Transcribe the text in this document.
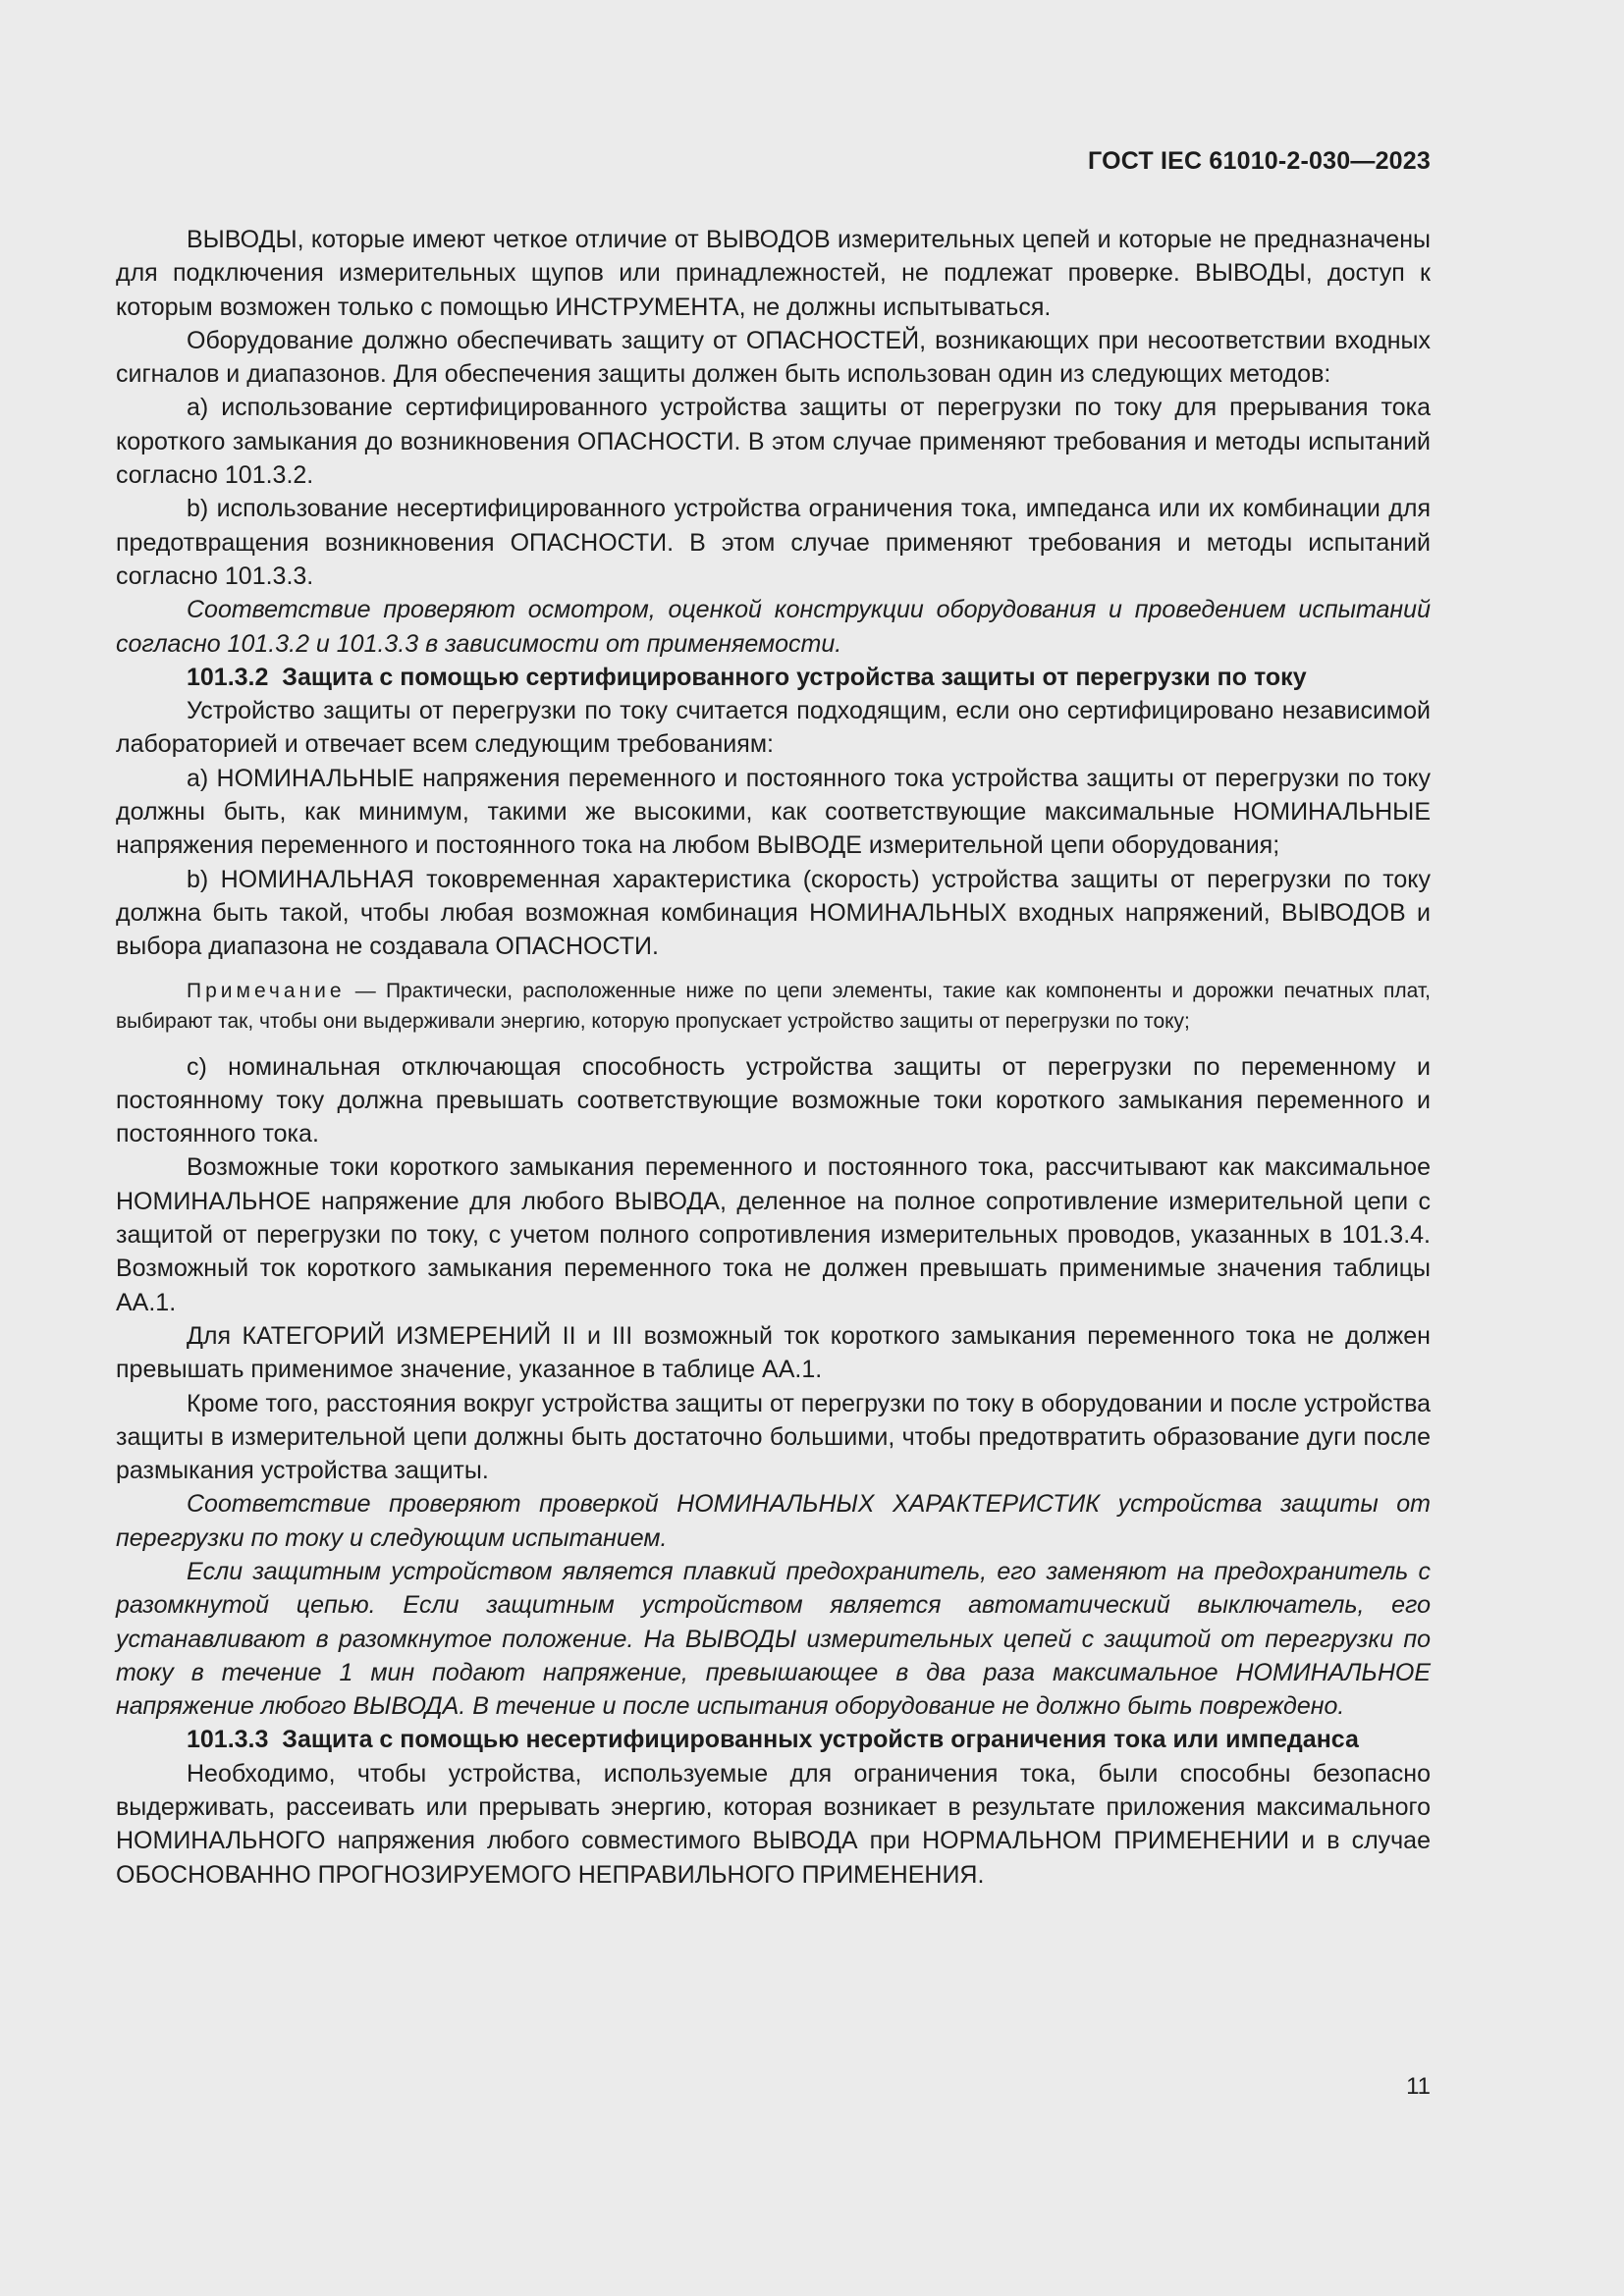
ГОСТ IEC 61010-2-030—2023

ВЫВОДЫ, которые имеют четкое отличие от ВЫВОДОВ измерительных цепей и которые не предназначены для подключения измерительных щупов или принадлежностей, не подлежат проверке. ВЫВОДЫ, доступ к которым возможен только с помощью ИНСТРУМЕНТА, не должны испытываться.

Оборудование должно обеспечивать защиту от ОПАСНОСТЕЙ, возникающих при несоответствии входных сигналов и диапазонов. Для обеспечения защиты должен быть использован один из следующих методов:

a) использование сертифицированного устройства защиты от перегрузки по току для прерывания тока короткого замыкания до возникновения ОПАСНОСТИ. В этом случае применяют требования и методы испытаний согласно 101.3.2.

b) использование несертифицированного устройства ограничения тока, импеданса или их комбинации для предотвращения возникновения ОПАСНОСТИ. В этом случае применяют требования и методы испытаний согласно 101.3.3.

Соответствие проверяют осмотром, оценкой конструкции оборудования и проведением испытаний согласно 101.3.2 и 101.3.3 в зависимости от применяемости.

101.3.2  Защита с помощью сертифицированного устройства защиты от перегрузки по току

Устройство защиты от перегрузки по току считается подходящим, если оно сертифицировано независимой лабораторией и отвечает всем следующим требованиям:

a) НОМИНАЛЬНЫЕ напряжения переменного и постоянного тока устройства защиты от перегрузки по току должны быть, как минимум, такими же высокими, как соответствующие максимальные НОМИНАЛЬНЫЕ напряжения переменного и постоянного тока на любом ВЫВОДЕ измерительной цепи оборудования;

b) НОМИНАЛЬНАЯ токовременная характеристика (скорость) устройства защиты от перегрузки по току должна быть такой, чтобы любая возможная комбинация НОМИНАЛЬНЫХ входных напряжений, ВЫВОДОВ и выбора диапазона не создавала ОПАСНОСТИ.

Примечание — Практически, расположенные ниже по цепи элементы, такие как компоненты и дорожки печатных плат, выбирают так, чтобы они выдерживали энергию, которую пропускает устройство защиты от перегрузки по току;

c) номинальная отключающая способность устройства защиты от перегрузки по переменному и постоянному току должна превышать соответствующие возможные токи короткого замыкания переменного и постоянного тока.

Возможные токи короткого замыкания переменного и постоянного тока, рассчитывают как максимальное НОМИНАЛЬНОЕ напряжение для любого ВЫВОДА, деленное на полное сопротивление измерительной цепи с защитой от перегрузки по току, с учетом полного сопротивления измерительных проводов, указанных в 101.3.4. Возможный ток короткого замыкания переменного тока не должен превышать применимые значения таблицы АА.1.

Для КАТЕГОРИЙ ИЗМЕРЕНИЙ II и III возможный ток короткого замыкания переменного тока не должен превышать применимое значение, указанное в таблице АА.1.

Кроме того, расстояния вокруг устройства защиты от перегрузки по току в оборудовании и после устройства защиты в измерительной цепи должны быть достаточно большими, чтобы предотвратить образование дуги после размыкания устройства защиты.

Соответствие проверяют проверкой НОМИНАЛЬНЫХ ХАРАКТЕРИСТИК устройства защиты от перегрузки по току и следующим испытанием.

Если защитным устройством является плавкий предохранитель, его заменяют на предохранитель с разомкнутой цепью. Если защитным устройством является автоматический выключатель, его устанавливают в разомкнутое положение. На ВЫВОДЫ измерительных цепей с защитой от перегрузки по току в течение 1 мин подают напряжение, превышающее в два раза максимальное НОМИНАЛЬНОЕ напряжение любого ВЫВОДА. В течение и после испытания оборудование не должно быть повреждено.

101.3.3  Защита с помощью несертифицированных устройств ограничения тока или импеданса

Необходимо, чтобы устройства, используемые для ограничения тока, были способны безопасно выдерживать, рассеивать или прерывать энергию, которая возникает в результате приложения максимального НОМИНАЛЬНОГО напряжения любого совместимого ВЫВОДА при НОРМАЛЬНОМ ПРИМЕНЕНИИ и в случае ОБОСНОВАННО ПРОГНОЗИРУЕМОГО НЕПРАВИЛЬНОГО ПРИМЕНЕНИЯ.

11
